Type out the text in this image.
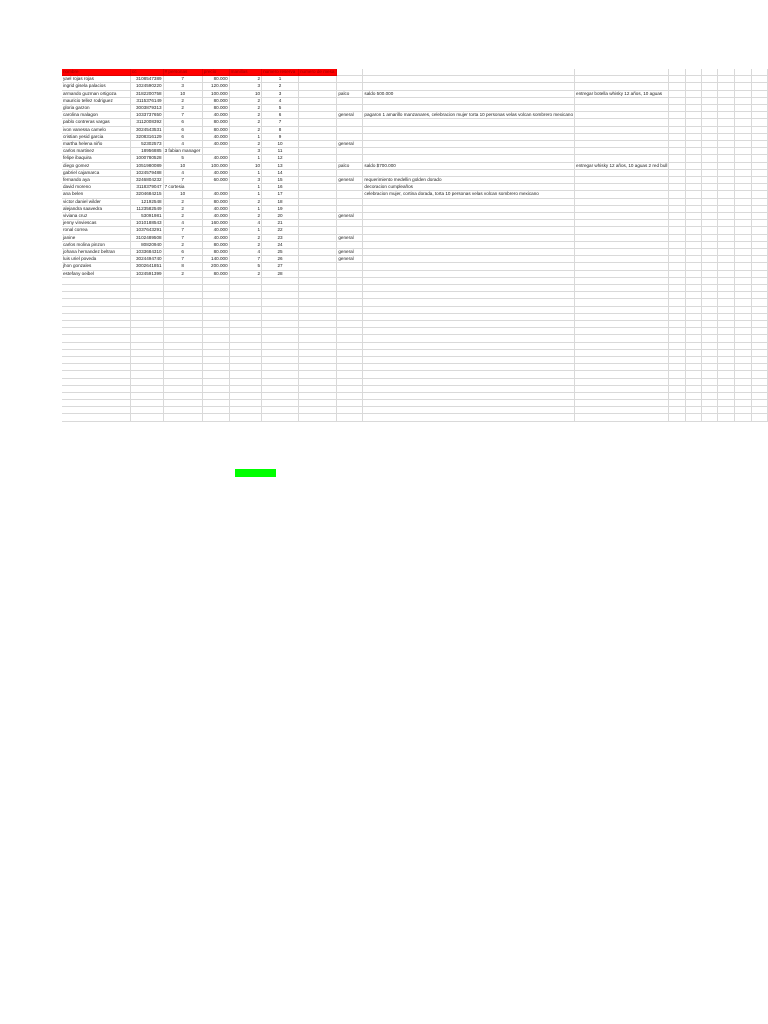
nombre	cc	# personas	precio	manillas	numero reserva	numero de mesa									
yael rojas rojas	3108547389	7	80.000	2	1										
ingrid gisela palacios	1024590220	3	120.000	3	2										
armando guzman ortigoza	3182200758	10	100.000	10	3		palco	saldo 500.000	entregar botella whisky 12 años, 10 aguas						
mauricio tellez rodriguez	3115376149	2	80.000	2	4										
gloria garzon	3003879313	2	80.000	2	5										
carolina malagon	1033737650	7	40.000	2	6		general	pagaron 1 amarillo manzanares, celebracion mujer torta 10 personas velas volcan sombrero mexicano							
pablo contreras vargas	3112008392	6	80.000	2	7										
ivon vanessa camelo	3024543531	6	80.000	2	8										
cristian yesid garcia	3208316129	6	40.000	1	9										
martha helena niño	52302573	4	40.000	2	10		general								
carlos martinez	18956885	3 fabian manager		3	11										
felipe ibaquira	1000780528	5	40.000	1	12										
diego gomez	1051980089	10	100.000	10	13		palco	saldo $700.000	entregar whisky 12 años, 10 aguas 2 red bull						
gabriel cajamarca	1024579488	4	40.000	1	14										
fernando aya	3246804232	7	60.000	3	15		general	requerimiento medellin golden dorado							
david moreno	3118379047	7 cortesia		1	16			decoracion cumpleaños							
ana belen	3204684215	10	40.000	1	17			celebracion mujer, cortina dorada, torta 10 personas velas volcan sombrero mexicano							
victor daniel wilder	12192548	2	80.000	2	18										
alejandra saavedra	1123582549	2	40.000	1	19										
viviana cruz	53091981	2	40.000	2	20		general								
jenny vinviescas	1010188543	4	160.000	4	21										
ronal correa	1037643291	7	40.000	1	22										
janine	3102489508	7	40.000	2	23		general								
carlos molina pinzon	80820940	2	80.000	2	24										
johana hernandez beltran	1033684310	6	80.000	4	25		general								
luis uriel poveda	3024494740	7	140.000	7	26		general								
jhon gonzales	3002641851	8	200.000	5	27										
estefany oeibel	1024591399	2	80.000	2	28										
